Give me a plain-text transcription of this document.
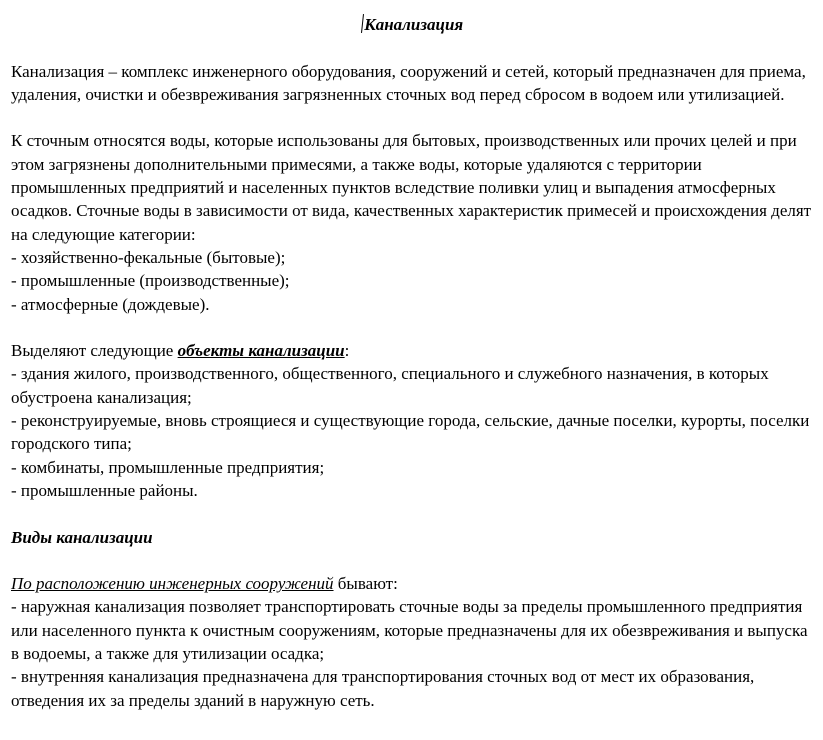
Канализация

Канализация – комплекс инженерного оборудования, сооружений и сетей, который предназначен для приема, удаления, очистки и обезвреживания загрязненных сточных вод перед сбросом в водоем или утилизацией.

К сточным относятся воды, которые использованы для бытовых, производственных или прочих целей и при этом загрязнены дополнительными примесями, а также воды, которые удаляются с территории промышленных предприятий и населенных пунктов вследствие поливки улиц и выпадения атмосферных осадков. Сточные воды в зависимости от вида, качественных характеристик примесей и происхождения делят на следующие категории:
- хозяйственно-фекальные (бытовые);
- промышленные (производственные);
- атмосферные (дождевые).

Выделяют следующие объекты канализации:
- здания жилого, производственного, общественного, специального и служебного назначения, в которых обустроена канализация;
- реконструируемые, вновь строящиеся и существующие города, сельские, дачные поселки, курорты, поселки городского типа;
- комбинаты, промышленные предприятия;
- промышленные районы.

Виды канализации

По расположению инженерных сооружений бывают:
- наружная канализация позволяет транспортировать сточные воды за пределы промышленного предприятия или населенного пункта к очистным сооружениям, которые предназначены для их обезвреживания и выпуска в водоемы, а также для утилизации осадка;
- внутренняя канализация предназначена для транспортирования сточных вод от мест их образования, отведения их за пределы зданий в наружную сеть.
